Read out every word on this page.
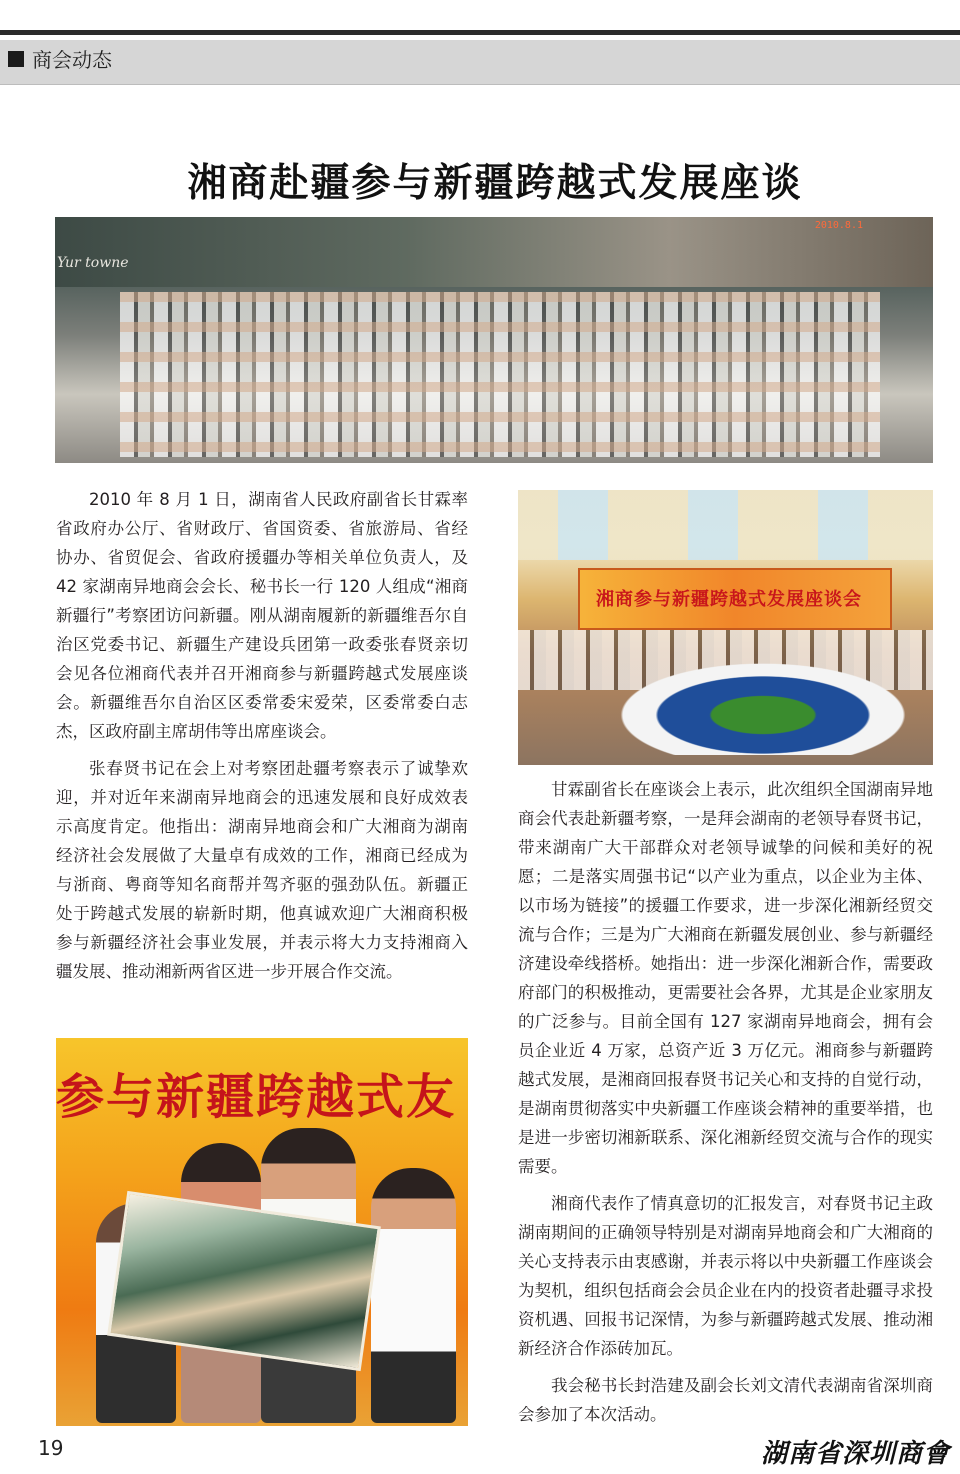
商会动态
湘商赴疆参与新疆跨越式发展座谈
Yur towne
2010.8.1

2010 年 8 月 1 日，湖南省人民政府副省长甘霖率省政府办公厅、省财政厅、省国资委、省旅游局、省经协办、省贸促会、省政府援疆办等相关单位负责人，及 42 家湖南异地商会会长、秘书长一行 120 人组成“湘商新疆行”考察团访问新疆。刚从湖南履新的新疆维吾尔自治区党委书记、新疆生产建设兵团第一政委张春贤亲切会见各位湘商代表并召开湘商参与新疆跨越式发展座谈会。新疆维吾尔自治区区委常委宋爱荣，区委常委白志杰，区政府副主席胡伟等出席座谈会。

张春贤书记在会上对考察团赴疆考察表示了诚挚欢迎，并对近年来湖南异地商会的迅速发展和良好成效表示高度肯定。他指出：湖南异地商会和广大湘商为湖南经济社会发展做了大量卓有成效的工作，湘商已经成为与浙商、粤商等知名商帮并驾齐驱的强劲队伍。新疆正处于跨越式发展的崭新时期，他真诚欢迎广大湘商积极参与新疆经济社会事业发展，并表示将大力支持湘商入疆发展、推动湘新两省区进一步开展合作交流。

湘商参与新疆跨越式发展座谈会

甘霖副省长在座谈会上表示，此次组织全国湖南异地商会代表赴新疆考察，一是拜会湖南的老领导春贤书记，带来湖南广大干部群众对老领导诚挚的问候和美好的祝愿；二是落实周强书记“以产业为重点，以企业为主体、以市场为链接”的援疆工作要求，进一步深化湘新经贸交流与合作；三是为广大湘商在新疆发展创业、参与新疆经济建设牵线搭桥。她指出：进一步深化湘新合作，需要政府部门的积极推动，更需要社会各界，尤其是企业家朋友的广泛参与。目前全国有 127 家湖南异地商会，拥有会员企业近 4 万家，总资产近 3 万亿元。湘商参与新疆跨越式发展，是湘商回报春贤书记关心和支持的自觉行动，是湖南贯彻落实中央新疆工作座谈会精神的重要举措，也是进一步密切湘新联系、深化湘新经贸交流与合作的现实需要。

湘商代表作了情真意切的汇报发言，对春贤书记主政湖南期间的正确领导特别是对湖南异地商会和广大湘商的关心支持表示由衷感谢，并表示将以中央新疆工作座谈会为契机，组织包括商会会员企业在内的投资者赴疆寻求投资机遇、回报书记深情，为参与新疆跨越式发展、推动湘新经济合作添砖加瓦。

我会秘书长封浩建及副会长刘文清代表湖南省深圳商会参加了本次活动。

参与新疆跨越式友
19	湖南省深圳商會
